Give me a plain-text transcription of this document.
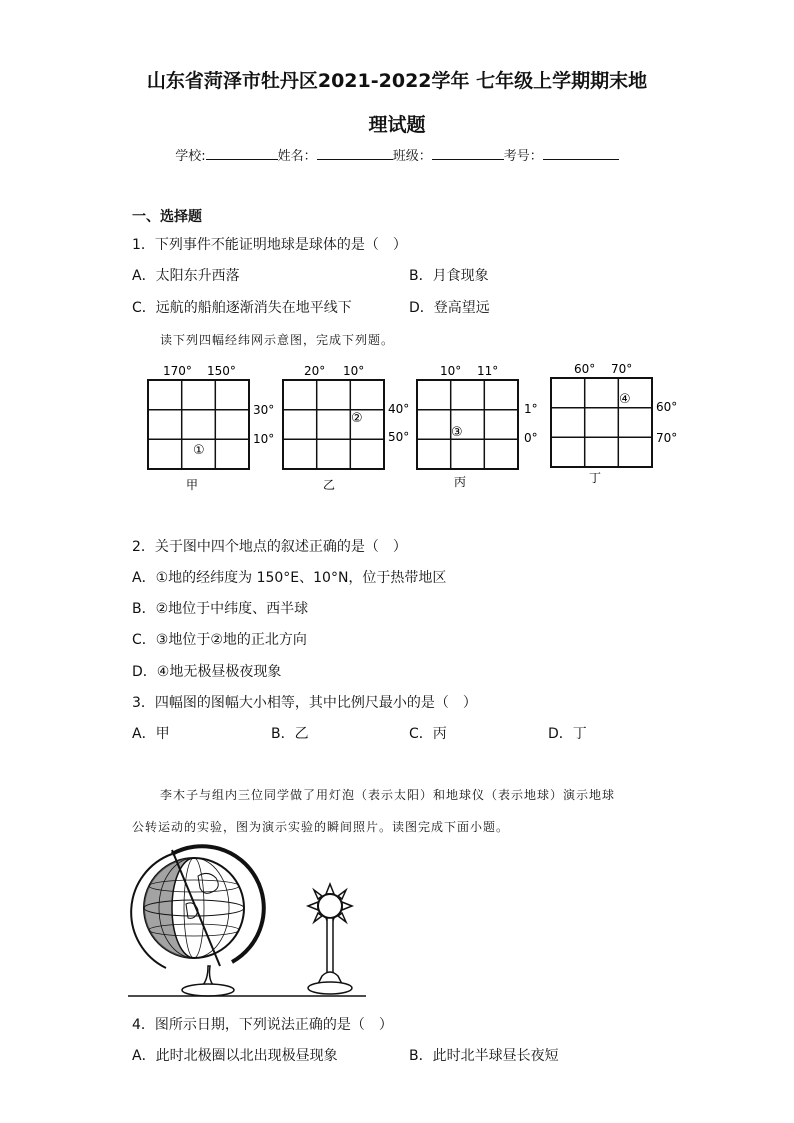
山东省菏泽市牡丹区2021-2022学年 七年级上学期期末地
理试题
学校:	姓名：	班级：	考号：
一、选择题
1．下列事件不能证明地球是球体的是（　）
A．太阳东升西落	B．月食现象
C．远航的船舶逐渐消失在地平线下	D．登高望远
读下列四幅经纬网示意图，完成下列题。
170° 150°
30°
10°
①
甲
20° 10°
40°
50°
②
乙
10° 11°
1°
0°
③
丙
60° 70°
60°
70°
④
丁
2．关于图中四个地点的叙述正确的是（　）
A．①地的经纬度为 150°E、10°N，位于热带地区
B．②地位于中纬度、西半球
C．③地位于②地的正北方向
D．④地无极昼极夜现象
3．四幅图的图幅大小相等，其中比例尺最小的是（　）
A．甲	B．乙	C．丙	D．丁
李木子与组内三位同学做了用灯泡（表示太阳）和地球仪（表示地球）演示地球
公转运动的实验，图为演示实验的瞬间照片。读图完成下面小题。
4．图所示日期，下列说法正确的是（　）
A．此时北极圈以北出现极昼现象	B．此时北半球昼长夜短
